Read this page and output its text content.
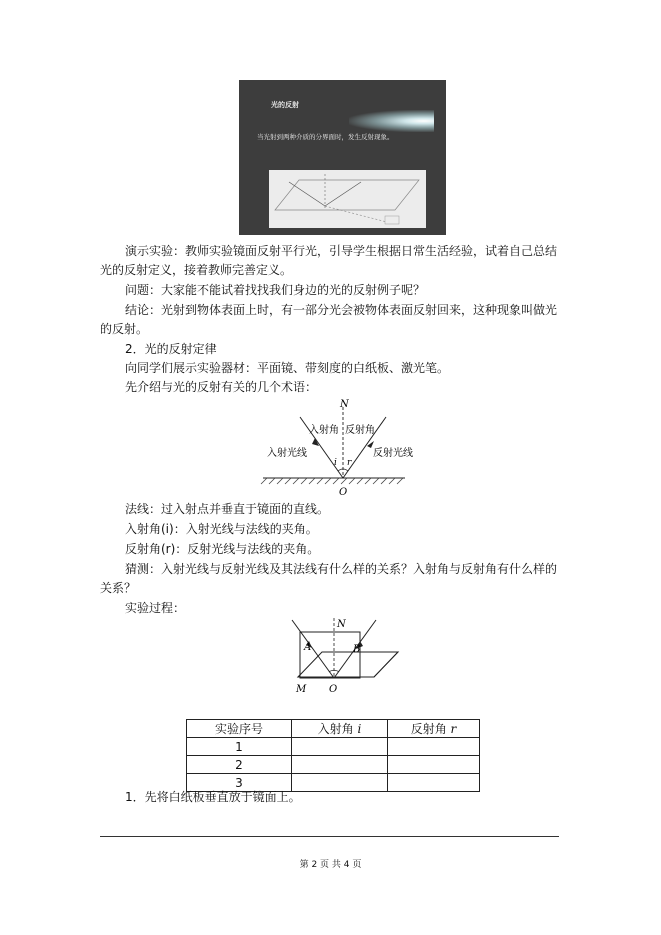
光的反射
当光射到两种介质的分界面时，发生反射现象。
演示实验：教师实验镜面反射平行光，引导学生根据日常生活经验，试着自己总结
光的反射定义，接着教师完善定义。
问题：大家能不能试着找找我们身边的光的反射例子呢？
结论：光射到物体表面上时，有一部分光会被物体表面反射回来，这种现象叫做光
的反射。
2．光的反射定律
向同学们展示实验器材：平面镜、带刻度的白纸板、激光笔。
先介绍与光的反射有关的几个术语：
N
入射角 反射角
入射光线	反射光线
i r
O
法线：过入射点并垂直于镜面的直线。
入射角(i)：入射光线与法线的夹角。
反射角(r)：反射光线与法线的夹角。
猜测：入射光线与反射光线及其法线有什么样的关系？入射角与反射角有什么样的
关系？
实验过程：
N
A	B
M O
实验序号	入射角 i	反射角 r
1		
2		
3		
1．先将白纸板垂直放于镜面上。
第 2 页 共 4 页
